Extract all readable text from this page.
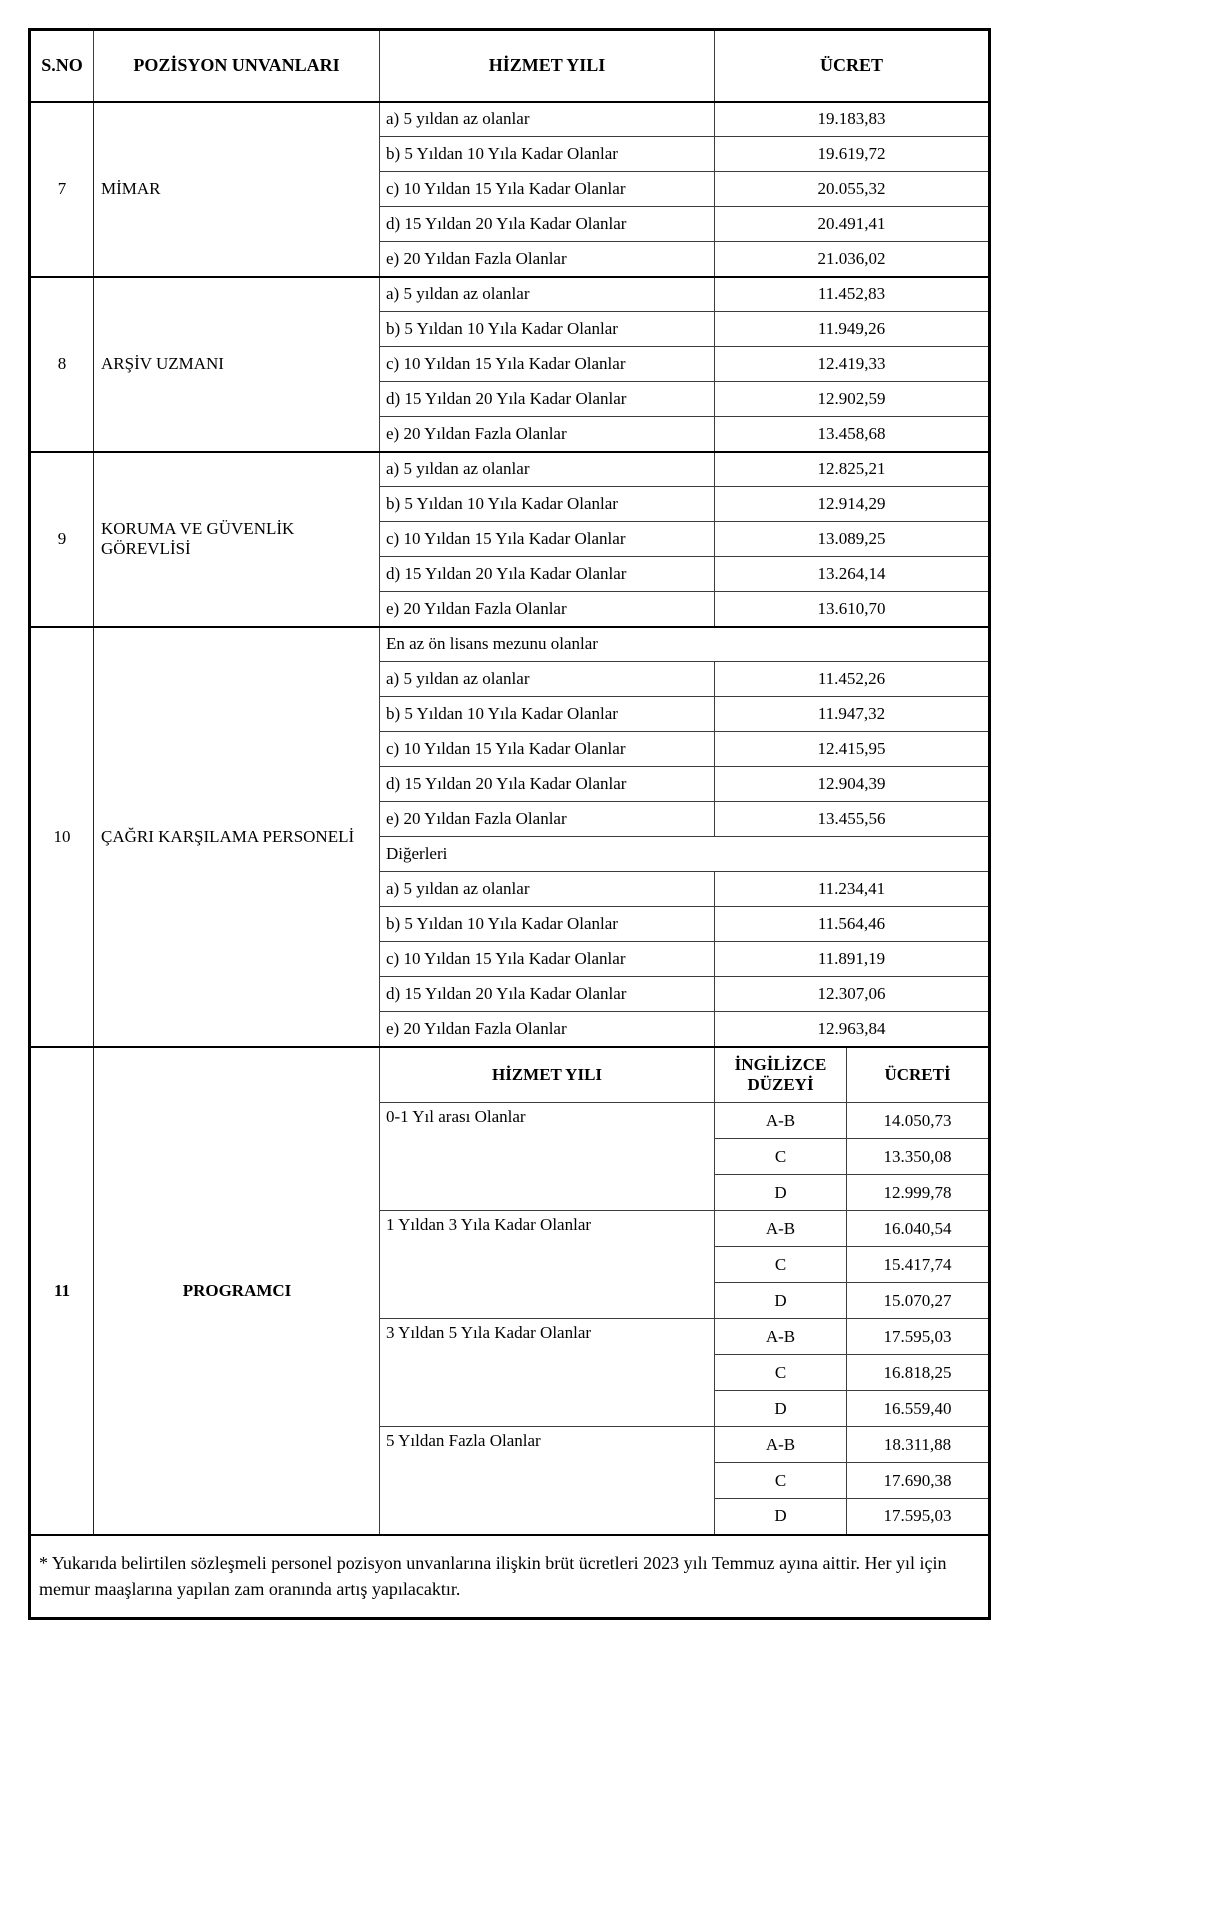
S.NO	POZİSYON UNVANLARI	HİZMET YILI	ÜCRET	
7	MİMAR	a) 5 yıldan az olanlar	19.183,83	
		b) 5 Yıldan 10 Yıla Kadar Olanlar	19.619,72	
		c) 10 Yıldan 15 Yıla Kadar Olanlar	20.055,32	
		d) 15 Yıldan 20 Yıla Kadar Olanlar	20.491,41	
		e) 20 Yıldan Fazla Olanlar	21.036,02	
8	ARŞİV UZMANI	a) 5 yıldan az olanlar	11.452,83	
		b) 5 Yıldan 10 Yıla Kadar Olanlar	11.949,26	
		c) 10 Yıldan 15 Yıla Kadar Olanlar	12.419,33	
		d) 15 Yıldan 20 Yıla Kadar Olanlar	12.902,59	
		e) 20 Yıldan Fazla Olanlar	13.458,68	
9	KORUMA VE GÜVENLİK GÖREVLİSİ	a) 5 yıldan az olanlar	12.825,21	
		b) 5 Yıldan 10 Yıla Kadar Olanlar	12.914,29	
		c) 10 Yıldan 15 Yıla Kadar Olanlar	13.089,25	
		d) 15 Yıldan 20 Yıla Kadar Olanlar	13.264,14	
		e) 20 Yıldan Fazla Olanlar	13.610,70	
10	ÇAĞRI KARŞILAMA PERSONELİ	En az ön lisans mezunu olanlar		
		a) 5 yıldan az olanlar	11.452,26	
		b) 5 Yıldan 10 Yıla Kadar Olanlar	11.947,32	
		c) 10 Yıldan 15 Yıla Kadar Olanlar	12.415,95	
		d) 15 Yıldan 20 Yıla Kadar Olanlar	12.904,39	
		e) 20 Yıldan Fazla Olanlar	13.455,56	
		Diğerleri		
		a) 5 yıldan az olanlar	11.234,41	
		b) 5 Yıldan 10 Yıla Kadar Olanlar	11.564,46	
		c) 10 Yıldan 15 Yıla Kadar Olanlar	11.891,19	
		d) 15 Yıldan 20 Yıla Kadar Olanlar	12.307,06	
		e) 20 Yıldan Fazla Olanlar	12.963,84	
11	PROGRAMCI	HİZMET YILI	İNGİLİZCE DÜZEYİ	ÜCRETİ
		0-1 Yıl arası Olanlar	A-B	14.050,73
			C	13.350,08
			D	12.999,78
		1 Yıldan 3 Yıla Kadar Olanlar	A-B	16.040,54
			C	15.417,74
			D	15.070,27
		3 Yıldan 5 Yıla Kadar Olanlar	A-B	17.595,03
			C	16.818,25
			D	16.559,40
		5 Yıldan Fazla Olanlar	A-B	18.311,88
			C	17.690,38
			D	17.595,03
* Yukarıda belirtilen sözleşmeli personel pozisyon unvanlarına ilişkin brüt ücretleri 2023 yılı Temmuz ayına aittir. Her yıl için memur maaşlarına yapılan zam oranında artış yapılacaktır.				
